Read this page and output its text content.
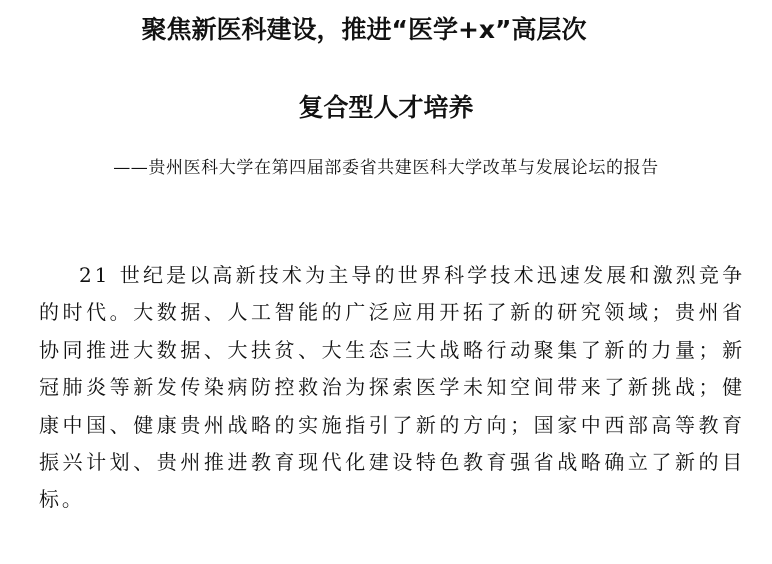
聚焦新医科建设，推进“医学+x”高层次
复合型人才培养

——贵州医科大学在第四届部委省共建医科大学改革与发展论坛的报告

21 世纪是以高新技术为主导的世界科学技术迅速发展和激烈竞争的时代。大数据、人工智能的广泛应用开拓了新的研究领域；贵州省协同推进大数据、大扶贫、大生态三大战略行动聚集了新的力量；新冠肺炎等新发传染病防控救治为探索医学未知空间带来了新挑战；健康中国、健康贵州战略的实施指引了新的方向；国家中西部高等教育振兴计划、贵州推进教育现代化建设特色教育强省战略确立了新的目标。
